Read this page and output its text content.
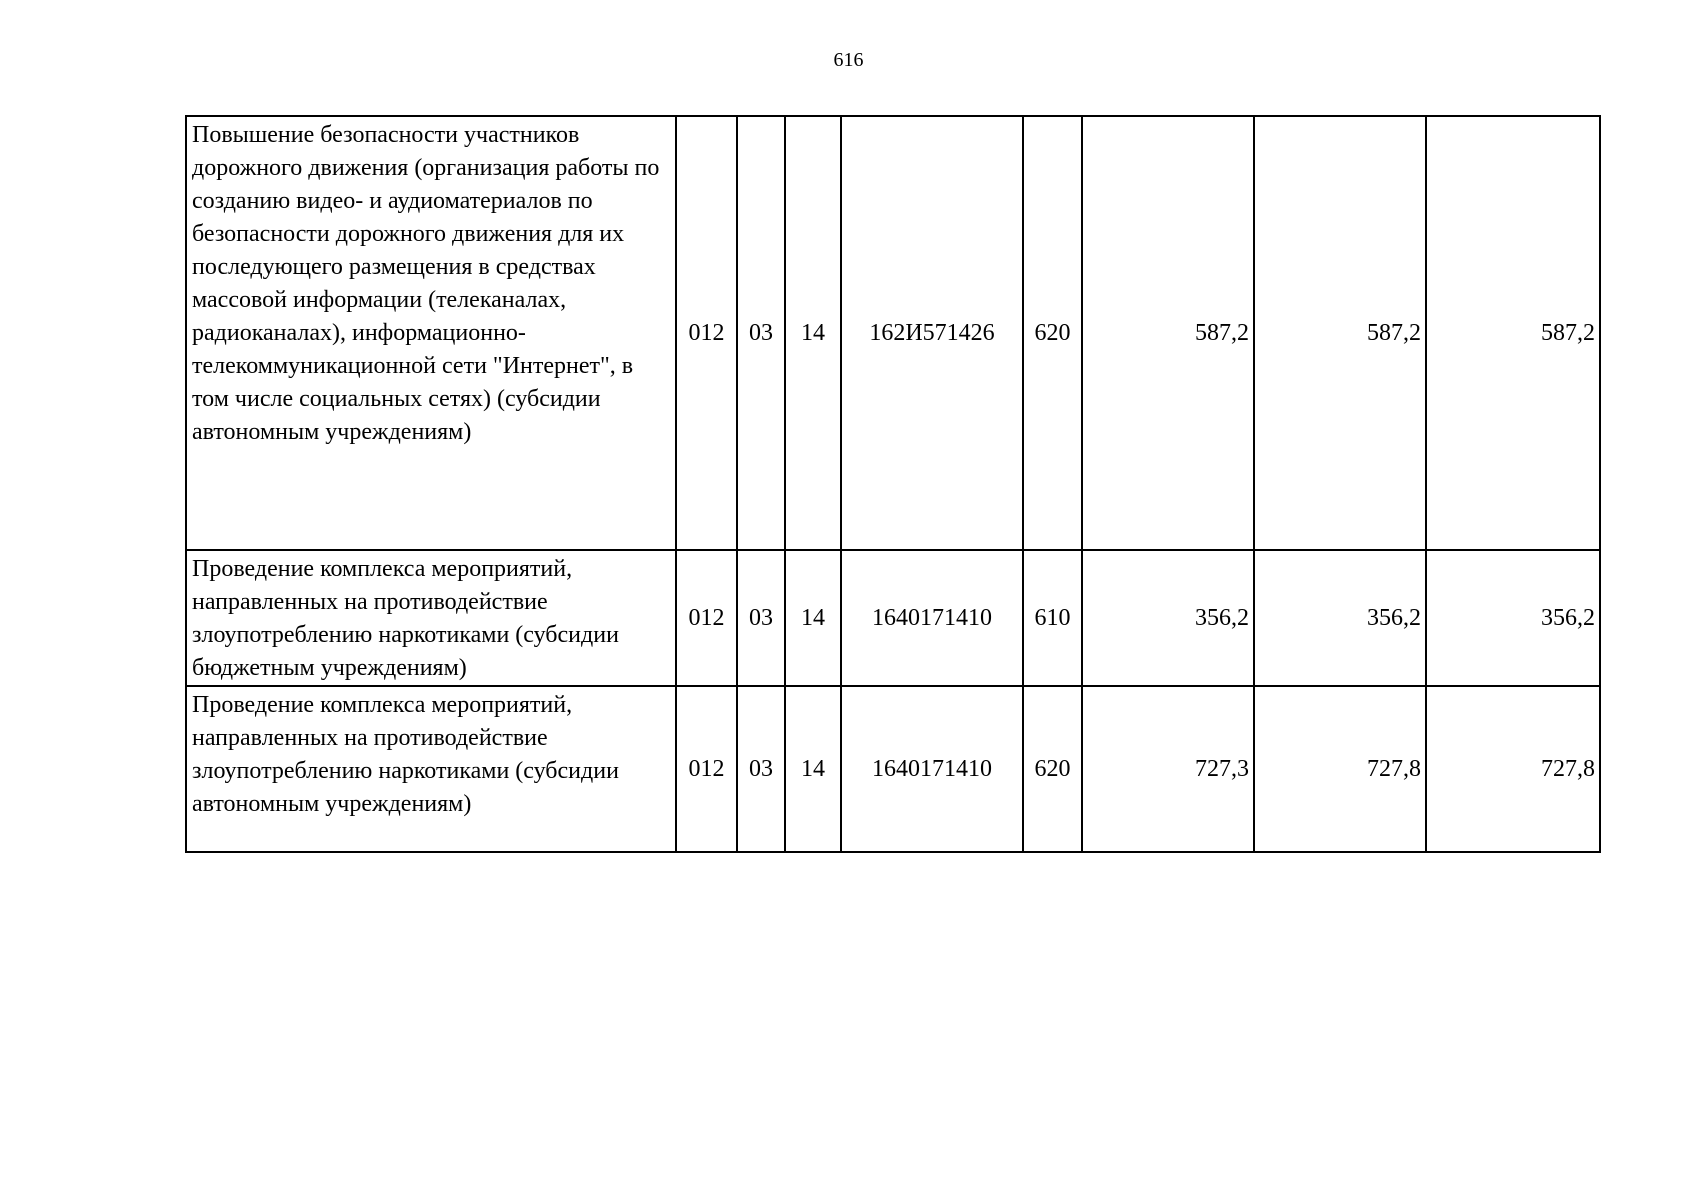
616
Повышение безопасности участников дорожного движения (организация работы по созданию видео- и аудиоматериалов по безопасности дорожного движения для их последующего размещения в средствах массовой информации (телеканалах, радиоканалах), информационно-телекоммуникационной сети "Интернет", в том числе социальных сетях) (субсидии автономным учреждениям)	012	03	14	162И571426	620	587,2	587,2	587,2
Проведение комплекса мероприятий, направленных на противодействие злоупотреблению наркотиками (субсидии бюджетным учреждениям)	012	03	14	1640171410	610	356,2	356,2	356,2
Проведение комплекса мероприятий, направленных на противодействие злоупотреблению наркотиками (субсидии автономным учреждениям)	012	03	14	1640171410	620	727,3	727,8	727,8
